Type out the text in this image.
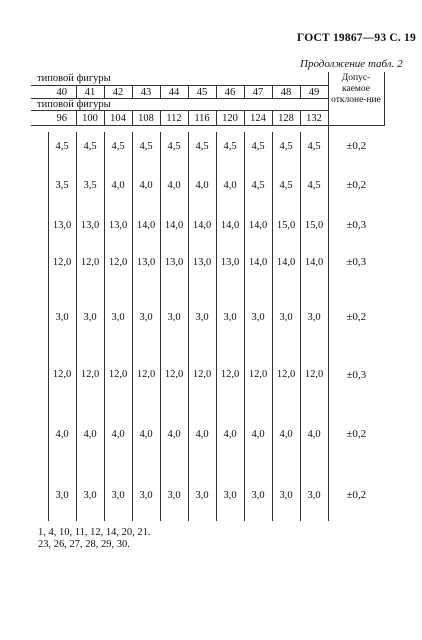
ГОСТ 19867—93 С. 19
Продолжение табл. 2
типовой фигуры											Допус-каемое отклоне-ние
	40	41	42	43	44	45	46	47	48	49	
типовой фигуры											
	96	100	104	108	112	116	120	124	128	132	

	4,5	4,5	4,5	4,5	4,5	4,5	4,5	4,5	4,5	4,5	±0,2
	3,5	3,5	4,0	4,0	4,0	4,0	4,0	4,5	4,5	4,5	±0,2
	13,0	13,0	13,0	14,0	14,0	14,0	14,0	14,0	15,0	15,0	±0,3
	12,0	12,0	12,0	13,0	13,0	13,0	13,0	14,0	14,0	14,0	±0,3
	3,0	3,0	3,0	3,0	3,0	3,0	3,0	3,0	3,0	3,0	±0,2
	12,0	12,0	12,0	12,0	12,0	12,0	12,0	12,0	12,0	12,0	±0,3
	4,0	4,0	4,0	4,0	4,0	4,0	4,0	4,0	4,0	4,0	±0,2
	3,0	3,0	3,0	3,0	3,0	3,0	3,0	3,0	3,0	3,0	±0,2
1, 4, 10, 11, 12, 14, 20, 21.
23, 26, 27, 28, 29, 30.
